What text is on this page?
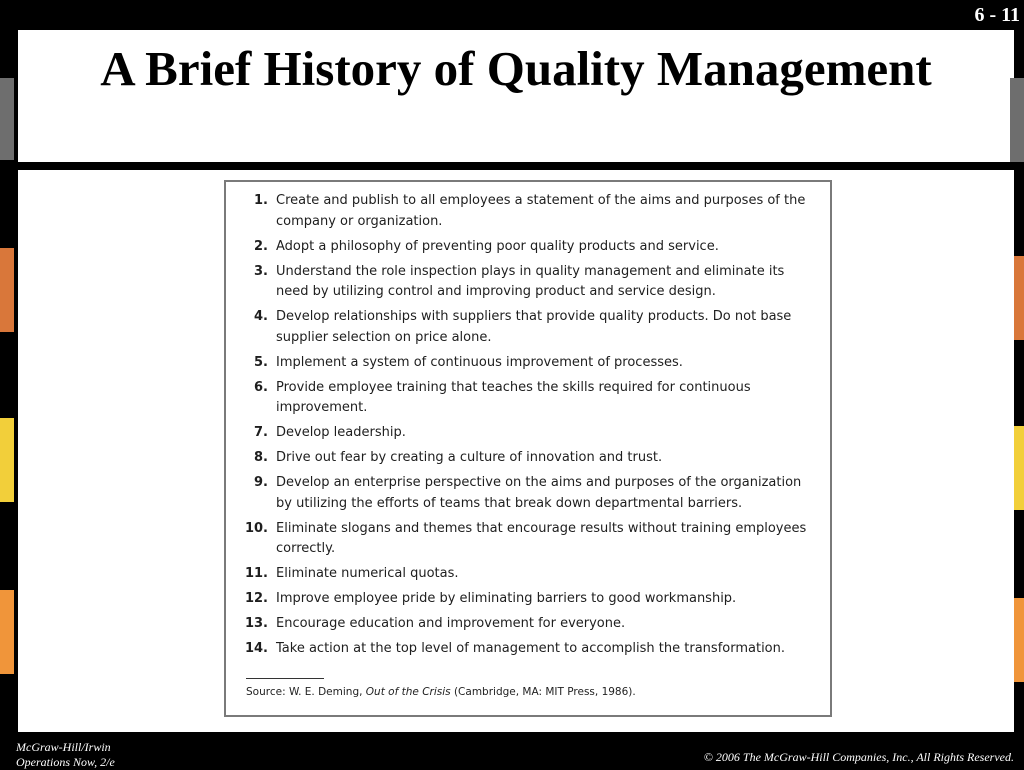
6 - 11
A Brief History of Quality Management
1. Create and publish to all employees a statement of the aims and purposes of the company or organization.
2. Adopt a philosophy of preventing poor quality products and service.
3. Understand the role inspection plays in quality management and eliminate its need by utilizing control and improving product and service design.
4. Develop relationships with suppliers that provide quality products. Do not base supplier selection on price alone.
5. Implement a system of continuous improvement of processes.
6. Provide employee training that teaches the skills required for continuous improvement.
7. Develop leadership.
8. Drive out fear by creating a culture of innovation and trust.
9. Develop an enterprise perspective on the aims and purposes of the organization by utilizing the efforts of teams that break down departmental barriers.
10. Eliminate slogans and themes that encourage results without training employees correctly.
11. Eliminate numerical quotas.
12. Improve employee pride by eliminating barriers to good workmanship.
13. Encourage education and improvement for everyone.
14. Take action at the top level of management to accomplish the transformation.
Source: W. E. Deming, Out of the Crisis (Cambridge, MA: MIT Press, 1986).
McGraw-Hill/Irwin
Operations Now, 2/e	© 2006 The McGraw-Hill Companies, Inc., All Rights Reserved.
